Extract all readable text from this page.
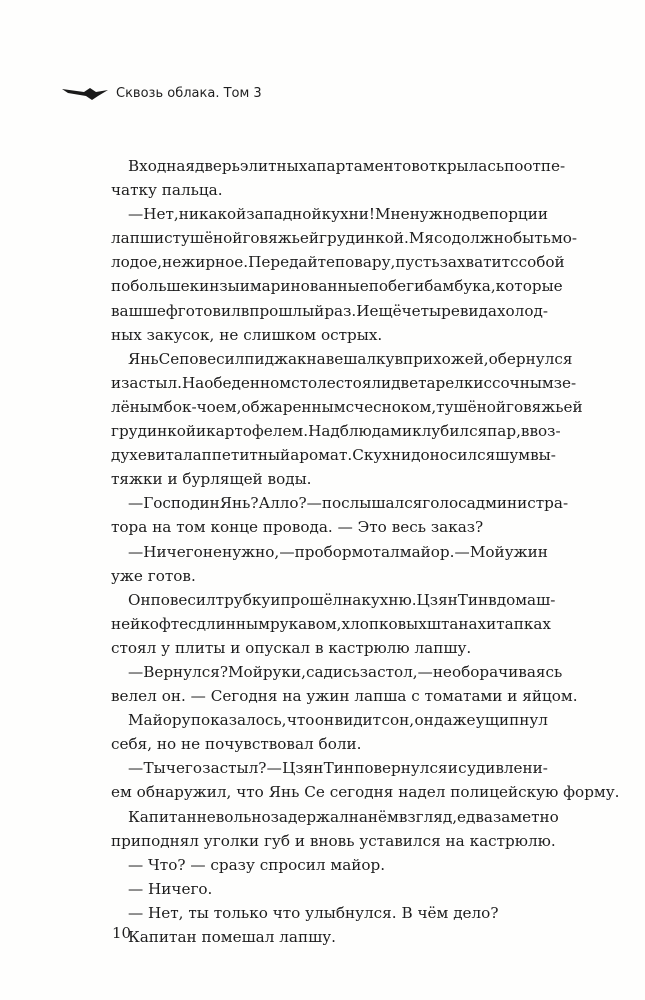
Сквозь облака. Том 3
Входная дверь элитных апартаментов открылась по отпе-
чатку пальца.
— Нет, никакой западной кухни! Мне нужно две порции
лапши с тушёной говяжьей грудинкой. Мясо должно быть мо-
лодое, нежирное. Передайте повару, пусть захватит с собой
побольше кинзы и маринованные побеги бамбука, которые
ваш шеф готовил в прошлый раз. И ещё четыре вида холод-
ных закусок, не слишком острых.
Янь Се повесил пиджак на вешалку в прихожей, обернулся
и застыл. На обеденном столе стояли две тарелки с сочным зе-
лёным бок-чоем, обжаренным с чесноком, тушёной говяжьей
грудинкой и картофелем. Над блюдами клубился пар, в воз-
духе витал аппетитный аромат. С кухни доносился шум вы-
тяжки и бурлящей воды.
— Господин Янь? Алло? — послышался голос администра-
тора на том конце провода. — Это весь заказ?
— Ничего не нужно, — пробормотал майор. — Мой ужин
уже готов.
Он повесил трубку и прошёл на кухню. Цзян Тин в домаш-
ней кофте с длинным рукавом, хлопковых штанах и тапках
стоял у плиты и опускал в кастрюлю лапшу.
— Вернулся? Мой руки, садись за стол, — не оборачиваясь
велел он. — Сегодня на ужин лапша с томатами и яйцом.
Майору показалось, что он видит сон, он даже ущипнул
себя, но не почувствовал боли.
— Ты чего застыл? — Цзян Тин повернулся и с удивлени-
ем обнаружил, что Янь Се сегодня надел полицейскую форму.
Капитан невольно задержал на нём взгляд, едва заметно
приподнял уголки губ и вновь уставился на кастрюлю.
— Что? — сразу спросил майор.
— Ничего.
— Нет, ты только что улыбнулся. В чём дело?
Капитан помешал лапшу.
10
